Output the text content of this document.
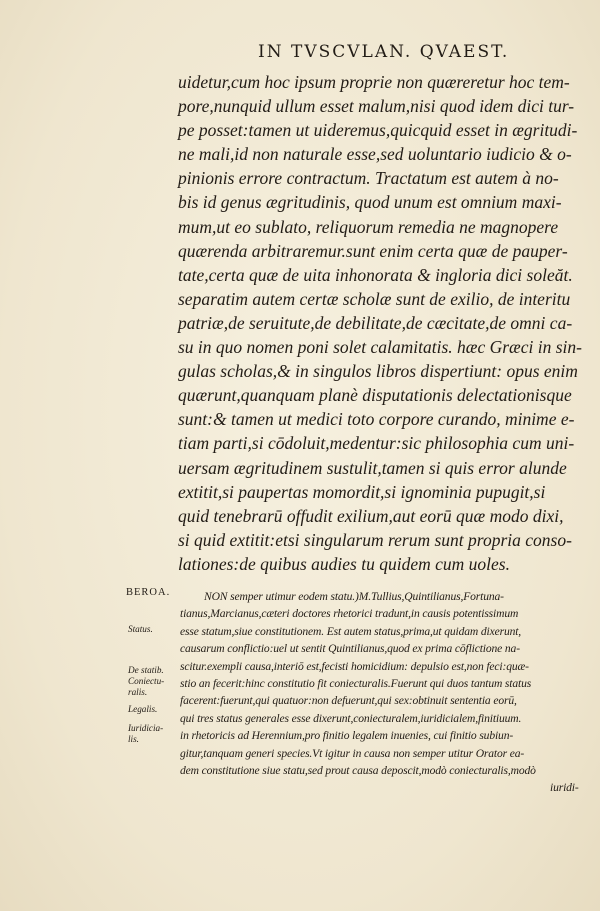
IN TVSCVLAN. QVAEST.
uidetur,cum hoc ipsum proprie non quæreretur hoc tem-
pore,nunquid ullum esset malum,nisi quod idem dici tur-
pe posset:tamen ut uideremus,quicquid esset in ægritudi-
ne mali,id non naturale esse,sed uoluntario iudicio & o-
pinionis errore contractum. Tractatum est autem à no-
bis id genus ægritudinis, quod unum est omnium maxi-
mum,ut eo sublato, reliquorum remedia ne magnopere
quærenda arbitraremur.sunt enim certa quæ de pauper-
tate,certa quæ de uita inhonorata & ingloria dici soleăt.
separatim autem certæ scholæ sunt de exilio, de interitu
patriæ,de seruitute,de debilitate,de cæcitate,de omni ca-
su in quo nomen poni solet calamitatis. hæc Græci in sin-
gulas scholas,& in singulos libros dispertiunt: opus enim
quærunt,quanquam planè disputationis delectationisque
sunt:& tamen ut medici toto corpore curando, minime e-
tiam parti,si cōdoluit,medentur:sic philosophia cum uni-
uersam ægritudinem sustulit,tamen si quis error alunde
extitit,si paupertas momordit,si ignominia pupugit,si
quid tenebrarū offudit exilium,aut eorū quæ modo dixi,
si quid extitit:etsi singularum rerum sunt propria conso-
lationes:de quibus audies tu quidem cum uoles.
BEROA.	NON semper utimur eodem statu.)M.Tullius,Quintilianus,Fortuna-
tianus,Marcianus,cæteri doctores rhetorici tradunt,in causis potentissimum
esse statum,siue constitutionem. Est autem status,prima,ut quidam dixerunt,
causarum conflictio:uel ut sentit Quintilianus,quod ex prima cōflictione na-
scitur.exempli causa,interiō est,fecisti homicidium: depulsio est,non feci:quæ-
stio an fecerit:hinc constitutio fit coniecturalis.Fuerunt qui duos tantum status
facerent:fuerunt,qui quatuor:non defuerunt,qui sex:obtinuit sententia eorū,
qui tres status generales esse dixerunt,coniecturalem,iuridicialem,finitiuum.
in rhetoricis ad Herennium,pro finitio legalem inuenies, cui finitio subiun-
gitur,tanquam generi species.Vt igitur in causa non semper utitur Orator ea-
dem constitutione siue statu,sed prout causa deposcit,modò coniecturalis,modò
iuridi-
Status.
De statib.
Coniectu-
ralis.
Legalis.
Iuridicia-
lis.
